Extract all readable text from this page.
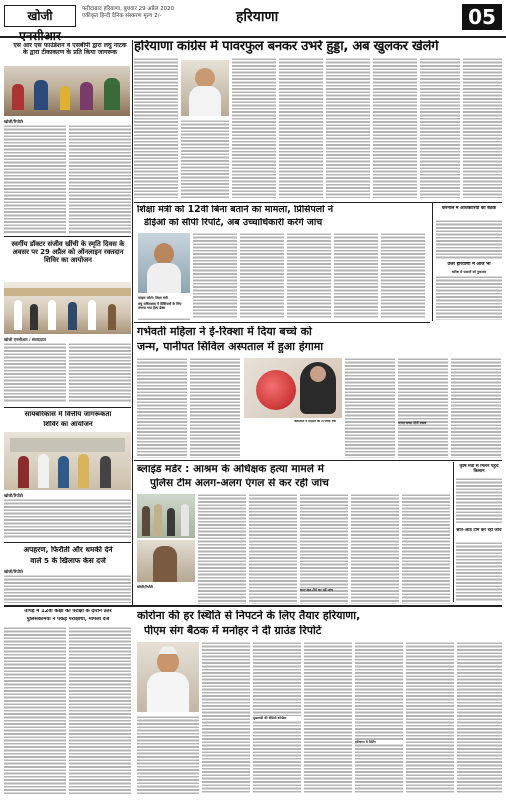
खोजी एनसीआर
फरीदाबाद हरियाणा, बुधवार 29 अप्रैल 2020
एकीकृत हिन्दी दैनिक संस्करण मूल्य 2/-	हरियाणा	05
एस आर एस फाउंडेशन व एसबीपी द्वारा लघु नाटक के द्वारा टीकाकरण के प्रति किया जागरूक
खोजी/रिपोर्टर
हरियाणा कांग्रेस में पावरफुल बनकर उभरे हुड्डा, अब खुलकर खेलेंगे
शिक्षा मंत्री को 12वीं बिना बताने का मामला, प्रिंसिपलों ने
डीईओ को सौंपी रिपोर्ट, अब उच्चाधिकारी करेंगे जांच
फाइल फोटो: शिक्षा मंत्री
लघु सचिवालय में प्रिंसिपलों के लिए लगाया गया हेल्प डेस्क
स्वर्गीय डॉक्टर संजीव खींची के स्मृति दिवस के अवसर पर 29 अप्रैल को ऑनलाइन रक्तदान शिविर का आयोजन
खोजी एनसीआर / संवाददाता
सायबरिकास में वित्तीय जागरूकता
शिविर का आयोजन
गर्भवती महिला ने ई-रिक्शा में दिया बच्चे को
जन्म, पानीपत सिविल अस्पताल में हुआ हंगामा
अस्पताल में महिला को ले जाया गया	जच्चा-बच्चा दोनों स्वस्थ
करनाल में अधिकारियों की बैठक
उत्तर हरियाणा में आज भी
बारिश से फसलों को नुकसान
ब्लाइंड मर्डर : आश्रम के अधिक्षक हत्या मामले में
पुलिस टीम अलग-अलग एंगल से कर रही जांच
कृषि मंत्री से मिलने पहुंचे किसान
सात-आठ टीमें कर रहीं जांच
खोजी/रिपोर्टर
सात-आठ टीमें कर रहीं जांच
खोजी/रिपोर्टर
अपहरण, फिरौती और धमकी देने
वाले 5 के खिलाफ केस दर्ज
खोजी/रिपोर्टर
तापड़ में 12वीं कक्षा की परीक्षा के दौरान उतर
पुलिसकर्मियों ने पकड़े परीक्षार्थी, मामला दर्ज	कोरोना की हर स्थिति से निपटने के लिए तैयार हरियाणा,
पीएम संग बैठक में मनोहर ने दी ग्राउंड रिपोर्ट
मुख्यमंत्री की वीडियो कॉन्फ्रेंस
हरियाणा में टेस्टिंग
